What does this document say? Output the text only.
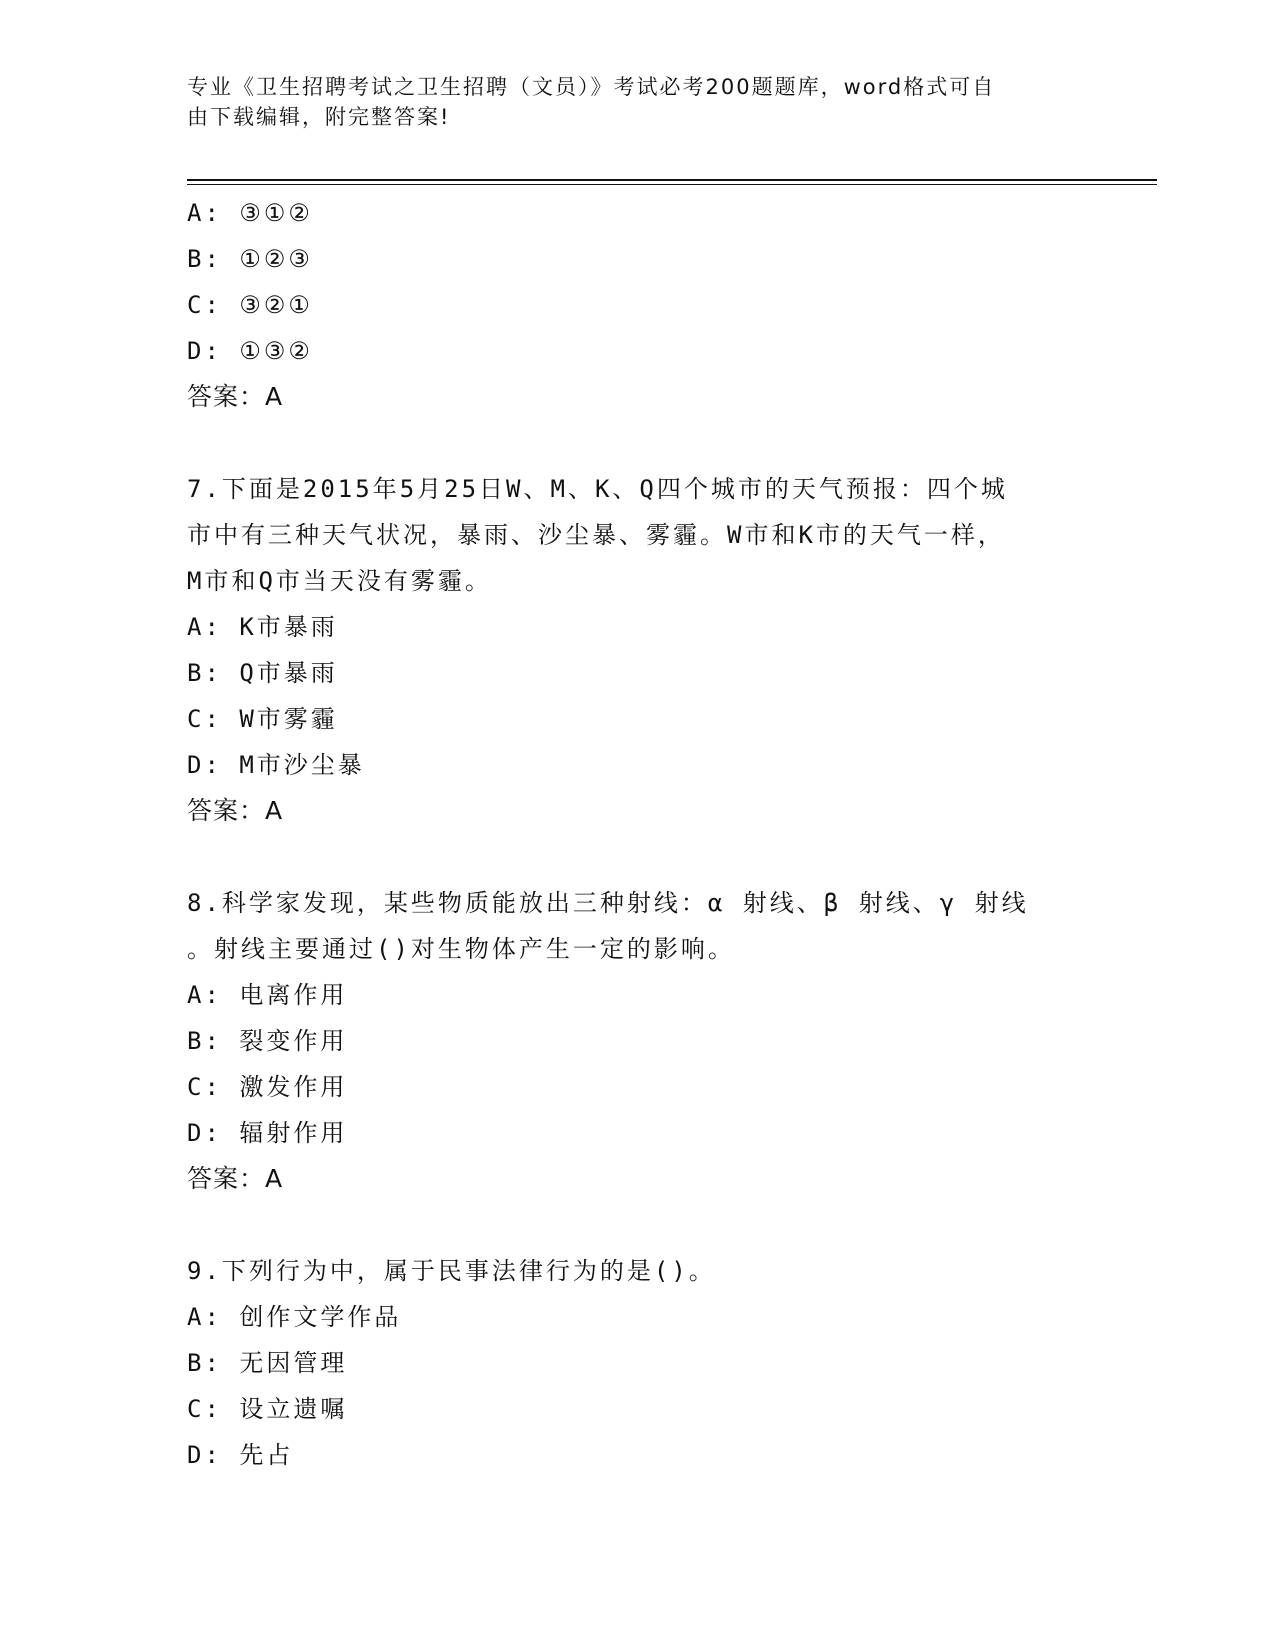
专业《卫生招聘考试之卫生招聘（文员）》考试必考200题题库，word格式可自
由下载编辑，附完整答案!
A: ③①②
B: ①②③
C: ③②①
D: ①③②
答案：A
7.下面是2015年5月25日W、M、K、Q四个城市的天气预报：四个城
市中有三种天气状况，暴雨、沙尘暴、雾霾。W市和K市的天气一样，
M市和Q市当天没有雾霾。
A: K市暴雨
B: Q市暴雨
C: W市雾霾
D: M市沙尘暴
答案：A
8.科学家发现，某些物质能放出三种射线：α 射线、β 射线、γ 射线
。射线主要通过()对生物体产生一定的影响。
A: 电离作用
B: 裂变作用
C: 激发作用
D: 辐射作用
答案：A
9.下列行为中，属于民事法律行为的是()。
A: 创作文学作品
B: 无因管理
C: 设立遗嘱
D: 先占
